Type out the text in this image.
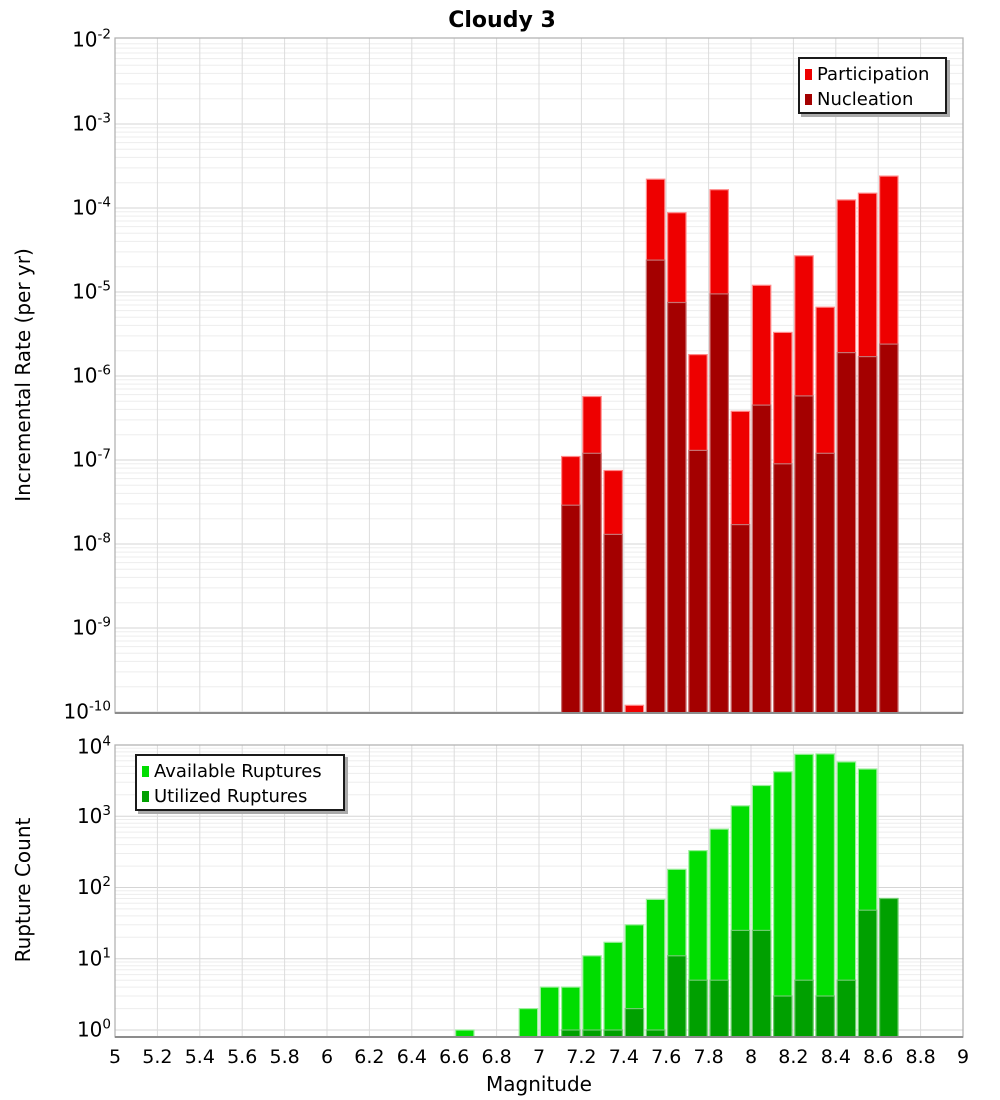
$10^{-2}$
$10^{-3}$
$10^{-4}$
$10^{-5}$
$10^{-6}$
$10^{-7}$
$10^{-8}$
$10^{-9}$
$10^{-10}$
$10^4$
$10^3$
$10^2$
$10^1$
$10^0$
5 5.2 5.4 5.6 5.8 6 6.2 6.4 6.6 6.8 7 7.2 7.4 7.6 7.8 8 8.2 8.4 8.6 8.8 9
Cloudy 3
Incremental Rate (per yr)
Rupture Count
Magnitude
Participation
Nucleation
Available Ruptures
Utilized Ruptures
